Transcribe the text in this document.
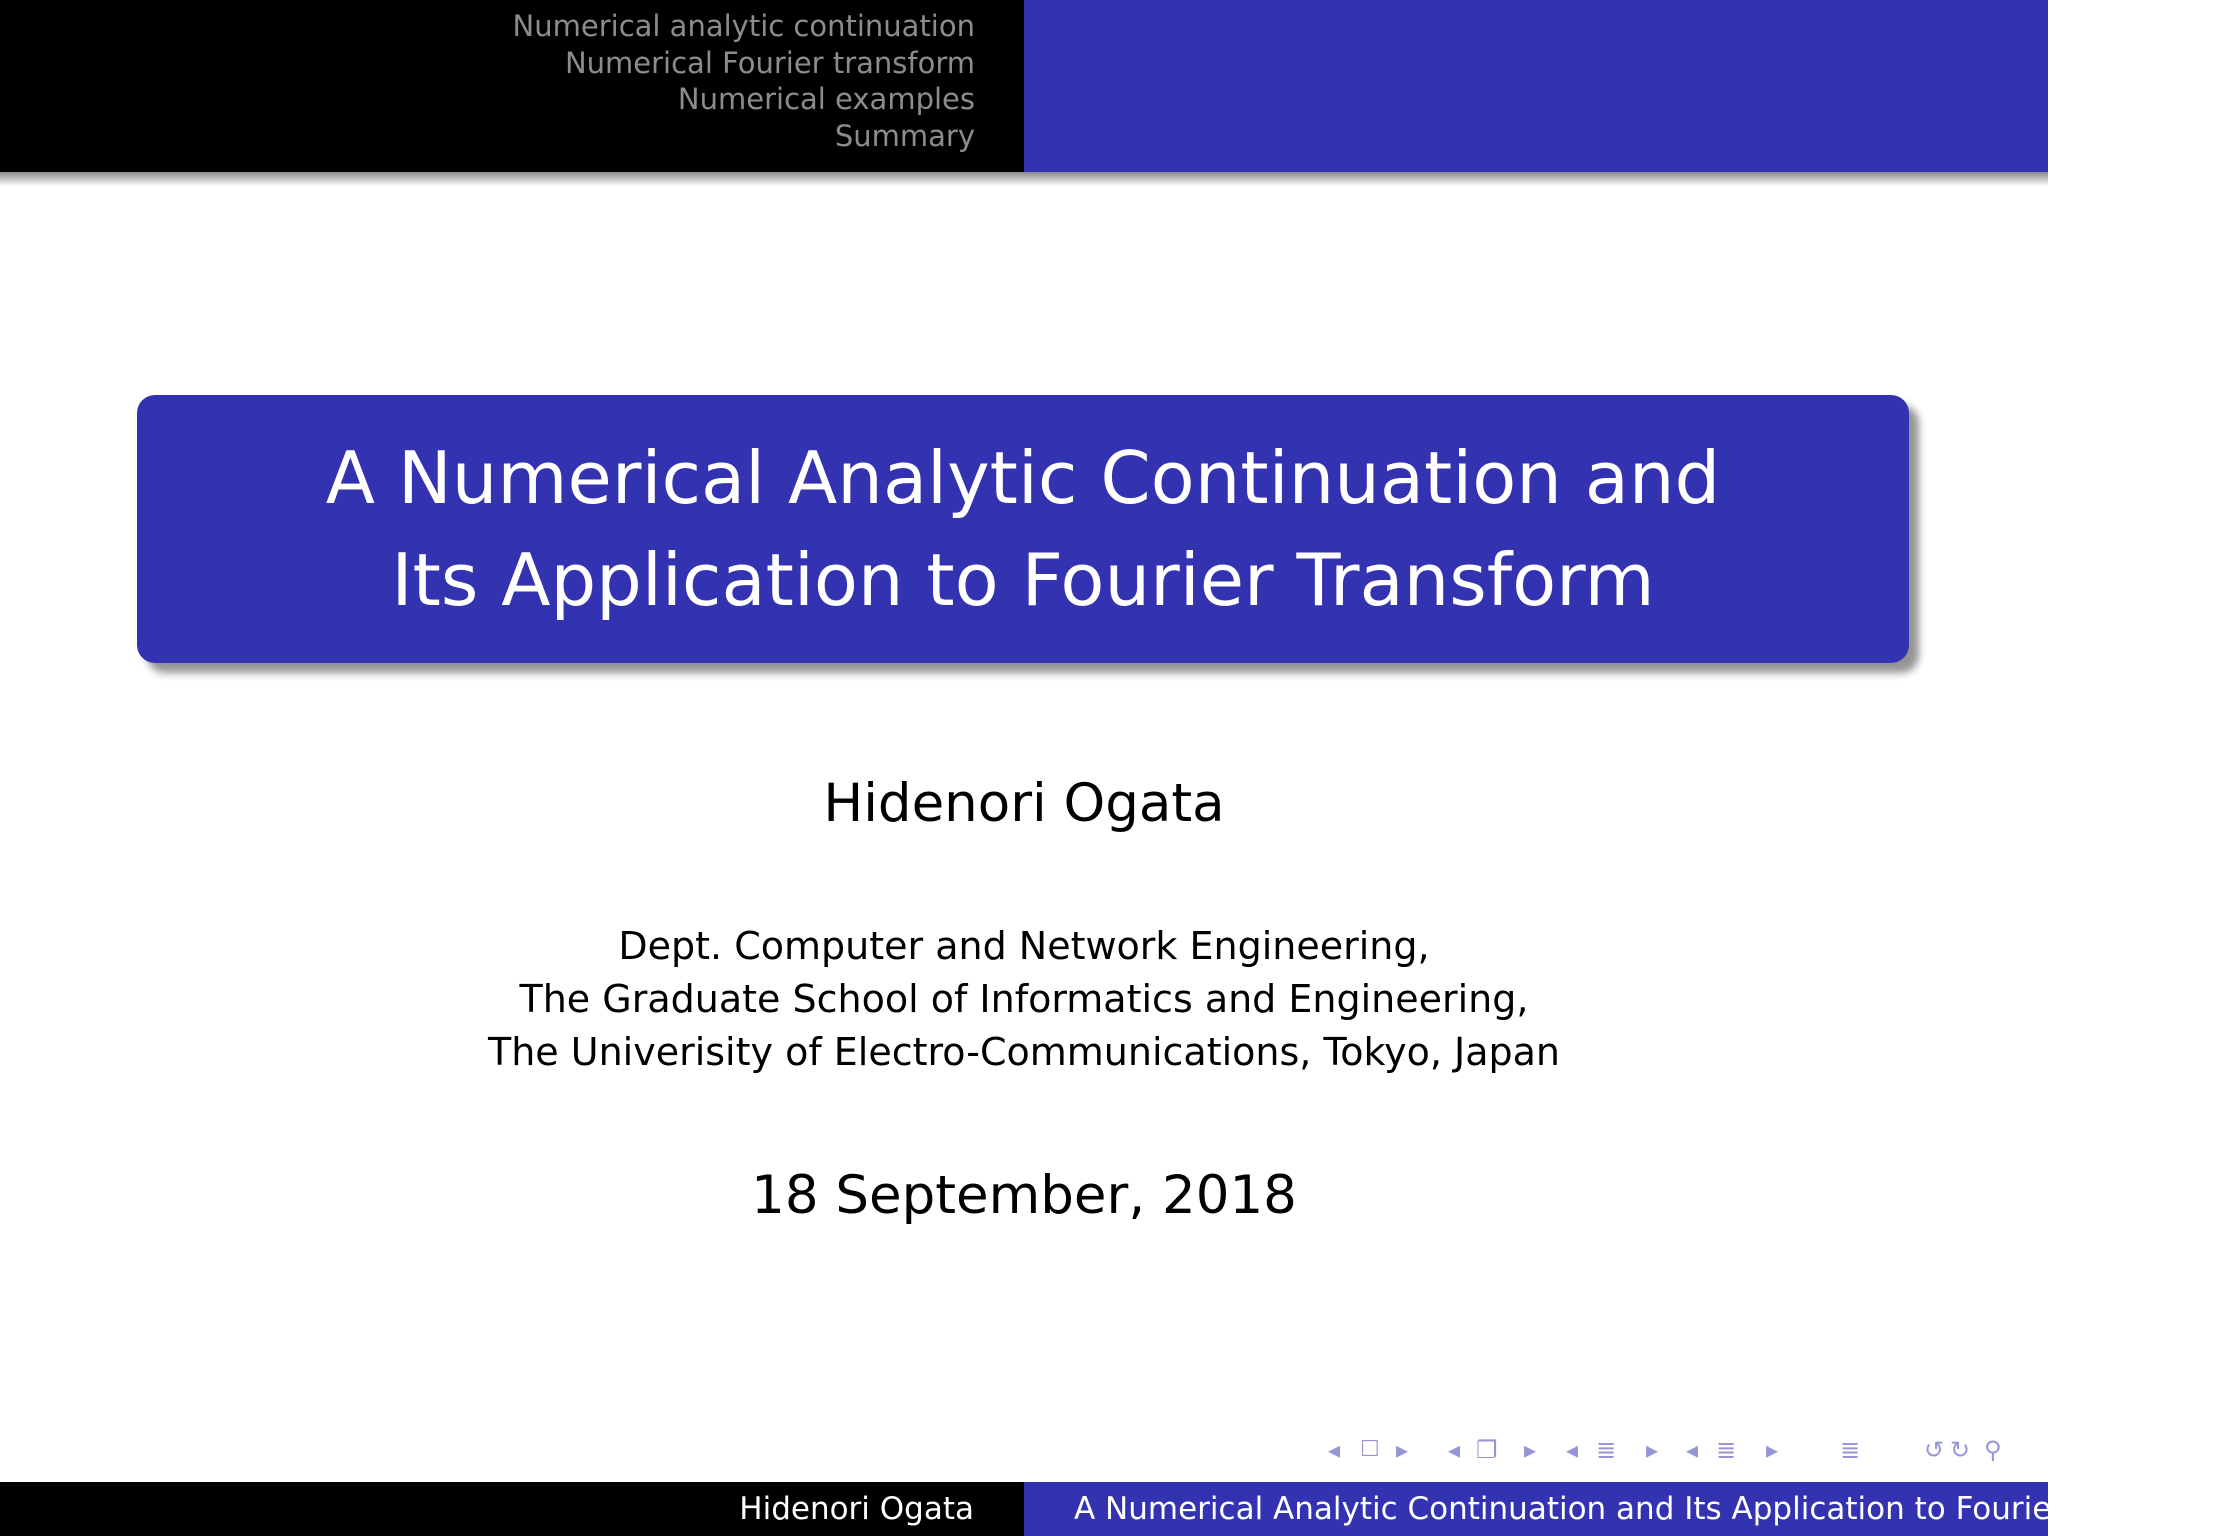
Numerical analytic continuation
Numerical Fourier transform
Numerical examples
Summary
A Numerical Analytic Continuation and
Its Application to Fourier Transform
Hidenori Ogata
Dept. Computer and Network Engineering,
The Graduate School of Informatics and Engineering,
The Univerisity of Electro-Communications, Tokyo, Japan
18 September, 2018
◂ ☐ ▸ ◂ ❐ ▸ ◂ ≣ ▸ ◂ ≣ ▸	≣	↺ ↻ ⚲
Hidenori Ogata	A Numerical Analytic Continuation and Its Application to Fourier Transform
